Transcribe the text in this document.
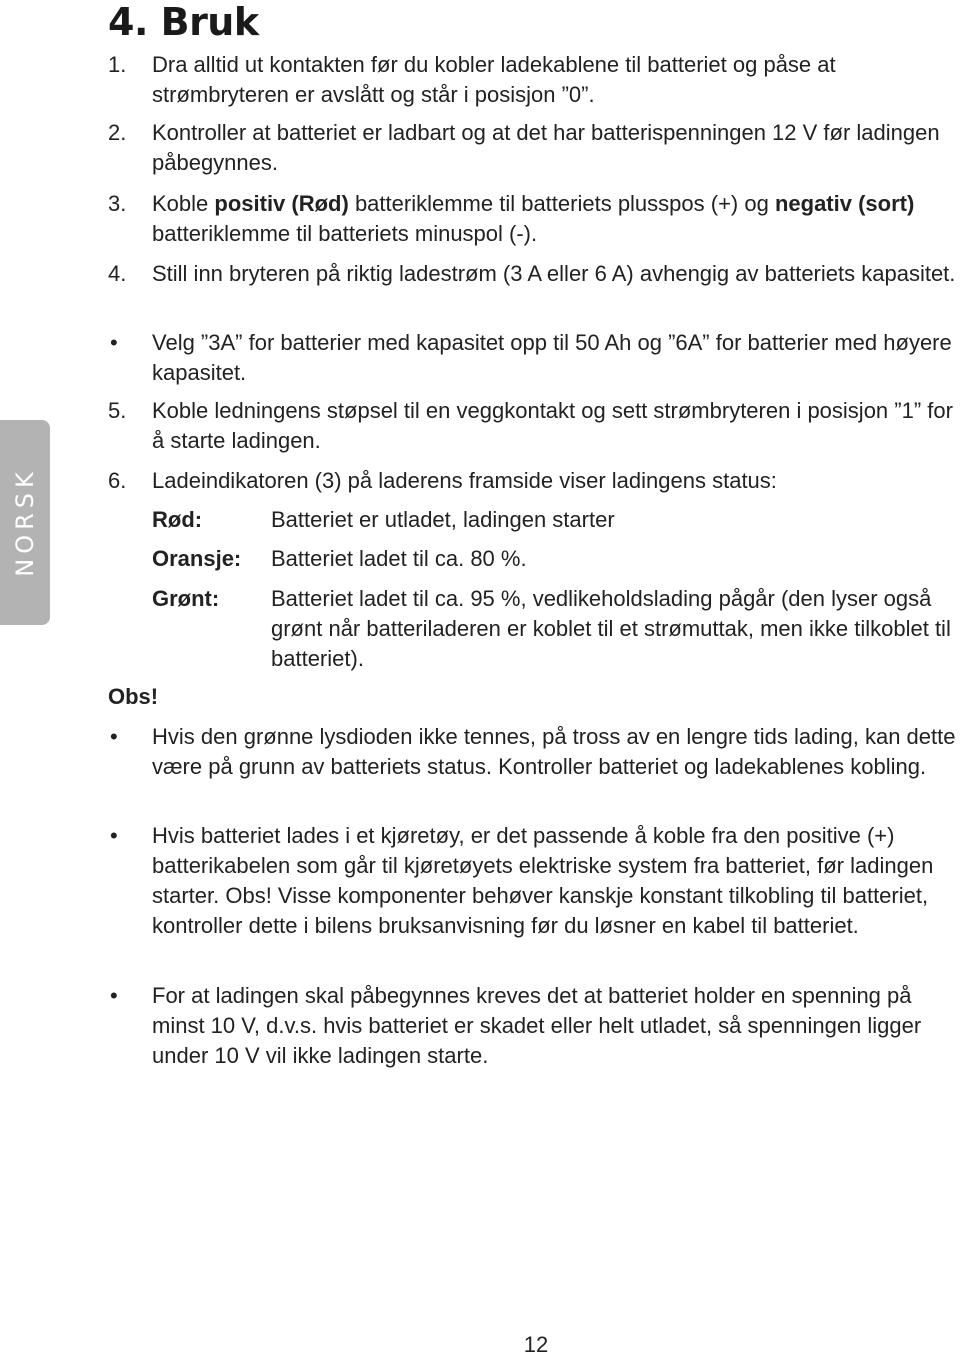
4. Bruk
NORSK
1. Dra alltid ut kontakten før du kobler ladekablene til batteriet og påse at strømbryteren er avslått og står i posisjon ”0”.

2. Kontroller at batteriet er ladbart og at det har batterispenningen 12 V før ladingen påbegynnes.

3. Koble positiv (Rød) batteriklemme til batteriets plusspos (+) og negativ (sort) batteriklemme til batteriets minuspol (-).

4. Still inn bryteren på riktig ladestrøm (3 A eller 6 A) avhengig av batteriets kapasitet.

• Velg ”3A” for batterier med kapasitet opp til 50 Ah og ”6A” for batterier med høyere kapasitet.

5. Koble ledningens støpsel til en veggkontakt og sett strømbryteren i posisjon ”1” for å starte ladingen.

6. Ladeindikatoren (3) på laderens framside viser ladingens status:

Rød:	Batteriet er utladet, ladingen starter

Oransje: Batteriet ladet til ca. 80 %.

Grønt: Batteriet ladet til ca. 95 %, vedlikeholdslading pågår (den lyser også grønt når batteriladeren er koblet til et strømuttak, men ikke tilkoblet til batteriet).

Obs!
• Hvis den grønne lysdioden ikke tennes, på tross av en lengre tids lading, kan dette være på grunn av batteriets status. Kontroller batteriet og ladekablenes kobling.

• Hvis batteriet lades i et kjøretøy, er det passende å koble fra den positive (+) batterikabelen som går til kjøretøyets elektriske system fra batteriet, før ladingen starter. Obs! Visse komponenter behøver kanskje konstant tilkobling til batteriet, kontroller dette i bilens bruksanvisning før du løsner en kabel til batteriet.

• For at ladingen skal påbegynnes kreves det at batteriet holder en spenning på minst 10 V, d.v.s. hvis batteriet er skadet eller helt utladet, så spenningen ligger under 10 V vil ikke ladingen starte.

12
